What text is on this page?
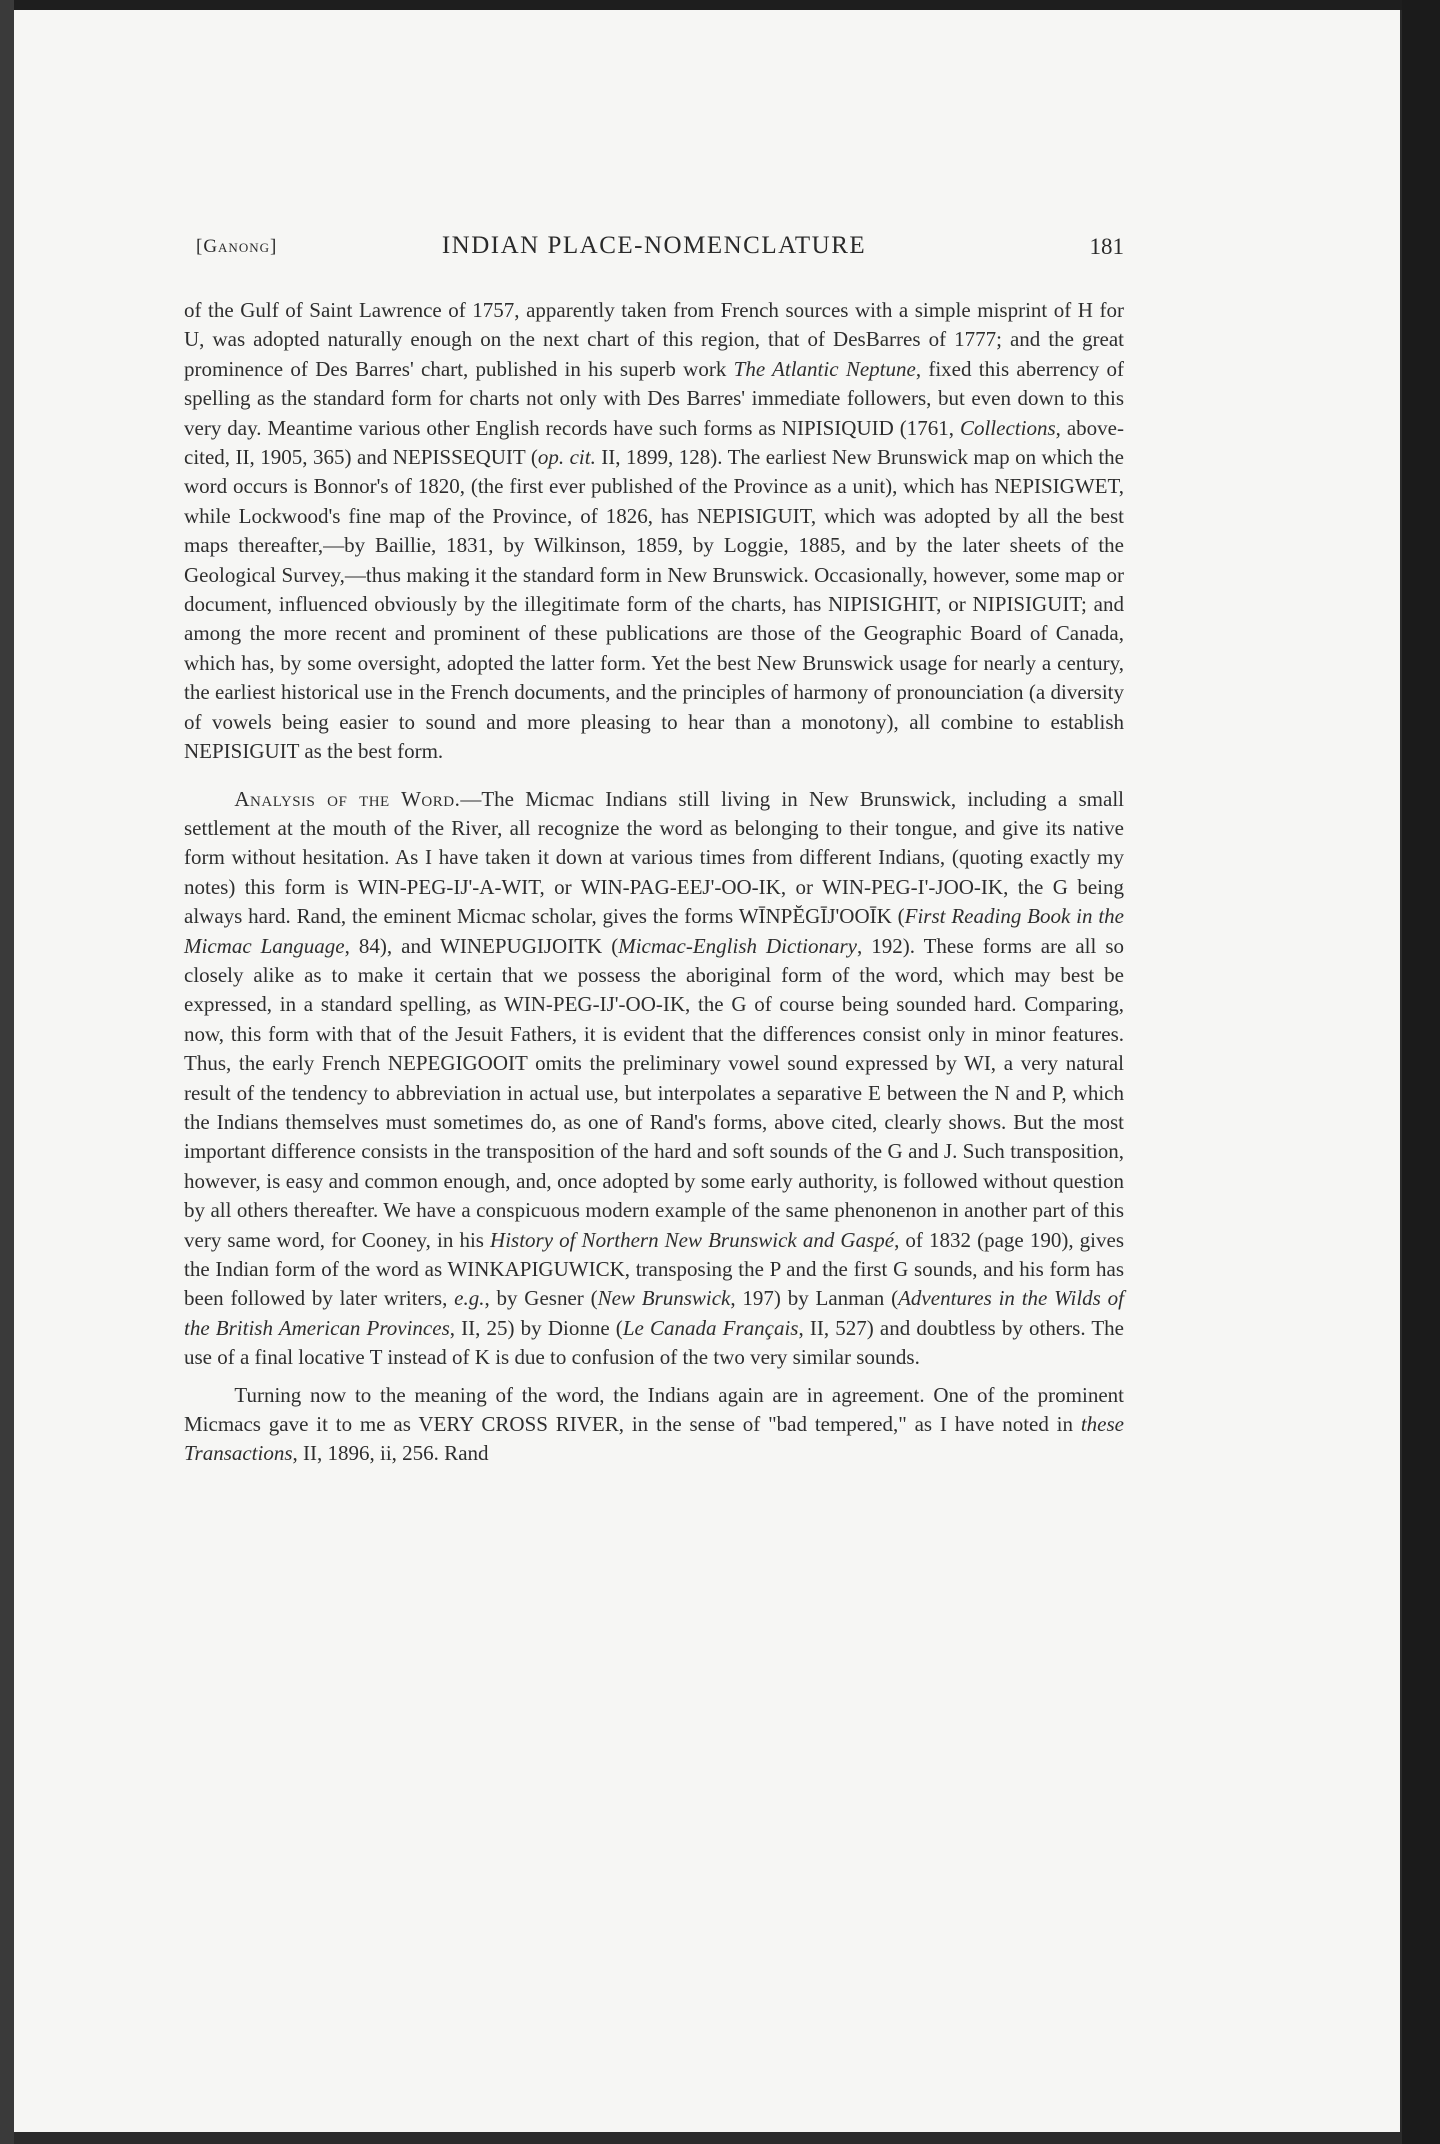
[Ganong]	INDIAN PLACE-NOMENCLATURE	181

of the Gulf of Saint Lawrence of 1757, apparently taken from French sources with a simple misprint of H for U, was adopted naturally enough on the next chart of this region, that of DesBarres of 1777; and the great prominence of Des Barres' chart, published in his superb work The Atlantic Neptune, fixed this aberrency of spelling as the standard form for charts not only with Des Barres' immediate followers, but even down to this very day. Meantime various other English records have such forms as NIPISIQUID (1761, Collections, above-cited, II, 1905, 365) and NEPISSEQUIT (op. cit. II, 1899, 128). The earliest New Brunswick map on which the word occurs is Bonnor's of 1820, (the first ever published of the Province as a unit), which has NEPISIGWET, while Lockwood's fine map of the Province, of 1826, has NEPISIGUIT, which was adopted by all the best maps thereafter,—by Baillie, 1831, by Wilkinson, 1859, by Loggie, 1885, and by the later sheets of the Geological Survey,—thus making it the standard form in New Brunswick. Occasionally, however, some map or document, influenced obviously by the illegitimate form of the charts, has NIPISIGHIT, or NIPISIGUIT; and among the more recent and prominent of these publications are those of the Geographic Board of Canada, which has, by some oversight, adopted the latter form. Yet the best New Brunswick usage for nearly a century, the earliest historical use in the French documents, and the principles of harmony of pronounciation (a diversity of vowels being easier to sound and more pleasing to hear than a monotony), all combine to establish NEPISIGUIT as the best form.

Analysis of the Word.—The Micmac Indians still living in New Brunswick, including a small settlement at the mouth of the River, all recognize the word as belonging to their tongue, and give its native form without hesitation. As I have taken it down at various times from different Indians, (quoting exactly my notes) this form is WIN-PEG-IJ'-A-WIT, or WIN-PAG-EEJ'-OO-IK, or WIN-PEG-I'-JOO-IK, the G being always hard. Rand, the eminent Micmac scholar, gives the forms WĪNPĔGĪJ'OOĪK (First Reading Book in the Micmac Language, 84), and WINEPUGIJOITK (Micmac-English Dictionary, 192). These forms are all so closely alike as to make it certain that we possess the aboriginal form of the word, which may best be expressed, in a standard spelling, as WIN-PEG-IJ'-OO-IK, the G of course being sounded hard. Comparing, now, this form with that of the Jesuit Fathers, it is evident that the differences consist only in minor features. Thus, the early French NEPEGIGOOIT omits the preliminary vowel sound expressed by WI, a very natural result of the tendency to abbreviation in actual use, but interpolates a separative E between the N and P, which the Indians themselves must sometimes do, as one of Rand's forms, above cited, clearly shows. But the most important difference consists in the transposition of the hard and soft sounds of the G and J. Such transposition, however, is easy and common enough, and, once adopted by some early authority, is followed without question by all others thereafter. We have a conspicuous modern example of the same phenonenon in another part of this very same word, for Cooney, in his History of Northern New Brunswick and Gaspé, of 1832 (page 190), gives the Indian form of the word as WINKAPIGUWICK, transposing the P and the first G sounds, and his form has been followed by later writers, e.g., by Gesner (New Brunswick, 197) by Lanman (Adventures in the Wilds of the British American Provinces, II, 25) by Dionne (Le Canada Français, II, 527) and doubtless by others. The use of a final locative T instead of K is due to confusion of the two very similar sounds.

Turning now to the meaning of the word, the Indians again are in agreement. One of the prominent Micmacs gave it to me as VERY CROSS RIVER, in the sense of "bad tempered," as I have noted in these Transactions, II, 1896, ii, 256. Rand
